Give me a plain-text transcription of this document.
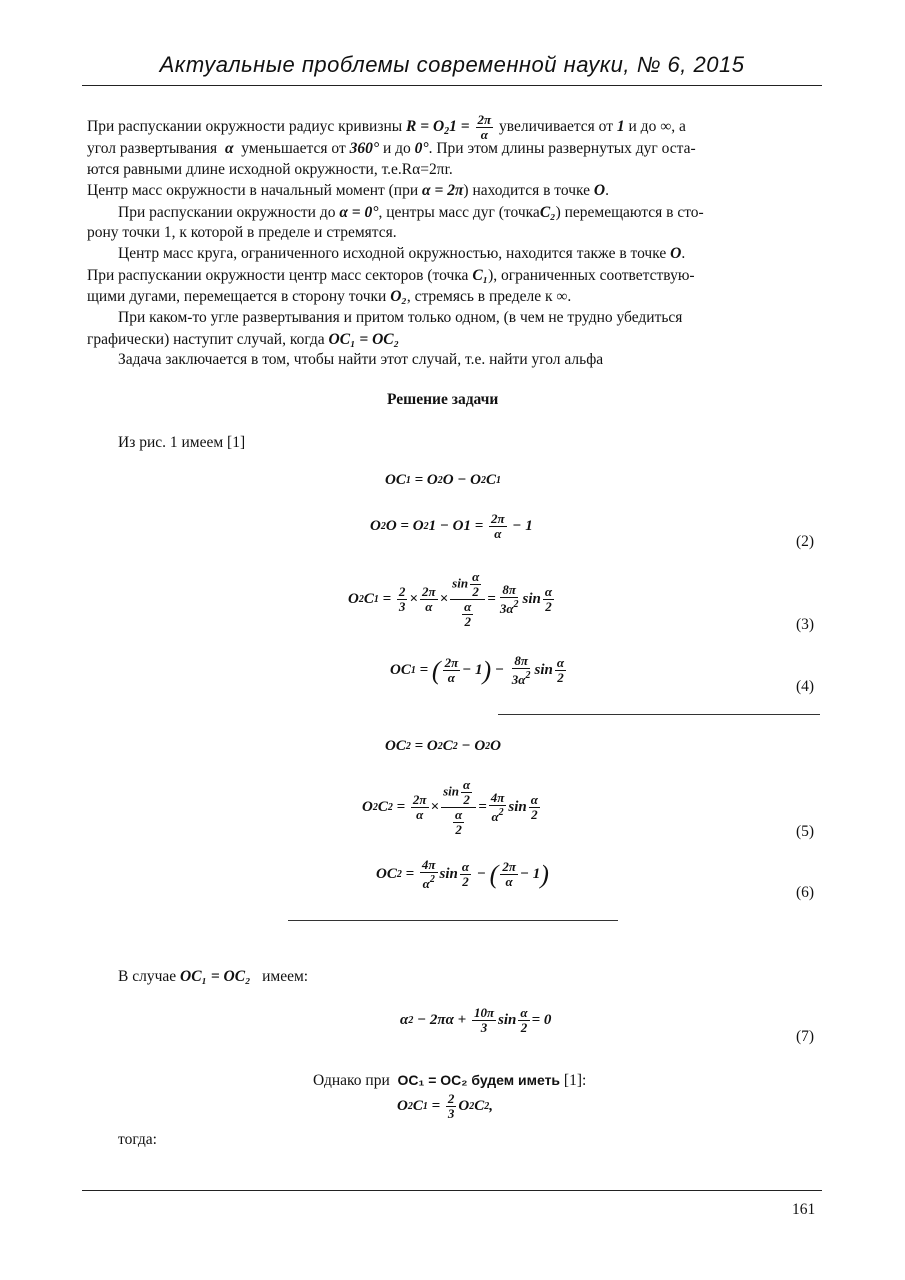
Актуальные проблемы современной науки, № 6, 2015
При распускании окружности радиус кривизны $R = O_21 = \frac{2\pi}{\alpha}$ увеличивается от 1 и до ∞, а
угол развертывания α уменьшается от 360° и до 0°. При этом длины развернутых дуг оста-
ются равными длине исходной окружности, т.е.Rα=2πr.
Центр масс окружности в начальный момент (при α = 2π) находится в точке O.
При распускании окружности до α = 0°, центры масс дуг (точкаC₂) перемещаются в сто-
рону точки 1, к которой в пределе и стремятся.
Центр масс круга, ограниченного исходной окружностью, находится также в точке O.
При распускании окружности центр масс секторов (точка C₁), ограниченных соответствую-
щими дугами, перемещается в сторону точки O₂, стремясь в пределе к ∞.
При каком-то угле развертывания и притом только одном, (в чем не трудно убедиться
графически) наступит случай, когда OC₁ = OC₂
Задача заключается в том, чтобы найти этот случай, т.е. найти угол альфа
Решение задачи
Из рис. 1 имеем [1]
OC 1 = O 2 O − O 2 C 1
O 2 O = O 2 $1 - O1 = \frac{2\pi}{\alpha} - 1$
(2)
O 2 C $1 = \frac{2}{3} \times \frac{2\pi}{\alpha} \times \frac{\sin \frac{\alpha}{2}}{\frac{\alpha}{2}} = \frac{8\pi}{3\alpha^2}$ $\sin \frac{\alpha}{2}$
(3)
OC 1 = ( $\frac{2\pi}{\alpha} - 1$ ) − $\frac{8\pi}{3\alpha^2}$ $\sin \frac{\alpha}{2}$
(4)
OC 2 = O 2 C 2 − O 2 O
O 2 C $2 = \frac{2\pi}{\alpha} \times \frac{\sin \frac{\alpha}{2}}{\frac{\alpha}{2}} = \frac{4\pi}{\alpha^2}$ $\sin \frac{\alpha}{2}$
(5)
OC $2 = \frac{4\pi}{\alpha^2}$ $\sin \frac{\alpha}{2}$ − ( $\frac{2\pi}{\alpha} - 1$ )
(6)
В случае OC₁ = OC₂ имеем:
α $2 - 2\pi\alpha + \frac{10\pi}{3}$ $\sin \frac{\alpha}{2} = 0$
(7)
Однако при OC₁ = OC₂ будем иметь [1]:
O 2 C $1 = \frac{2}{3}$ O 2 C 2 ,
тогда:
161
